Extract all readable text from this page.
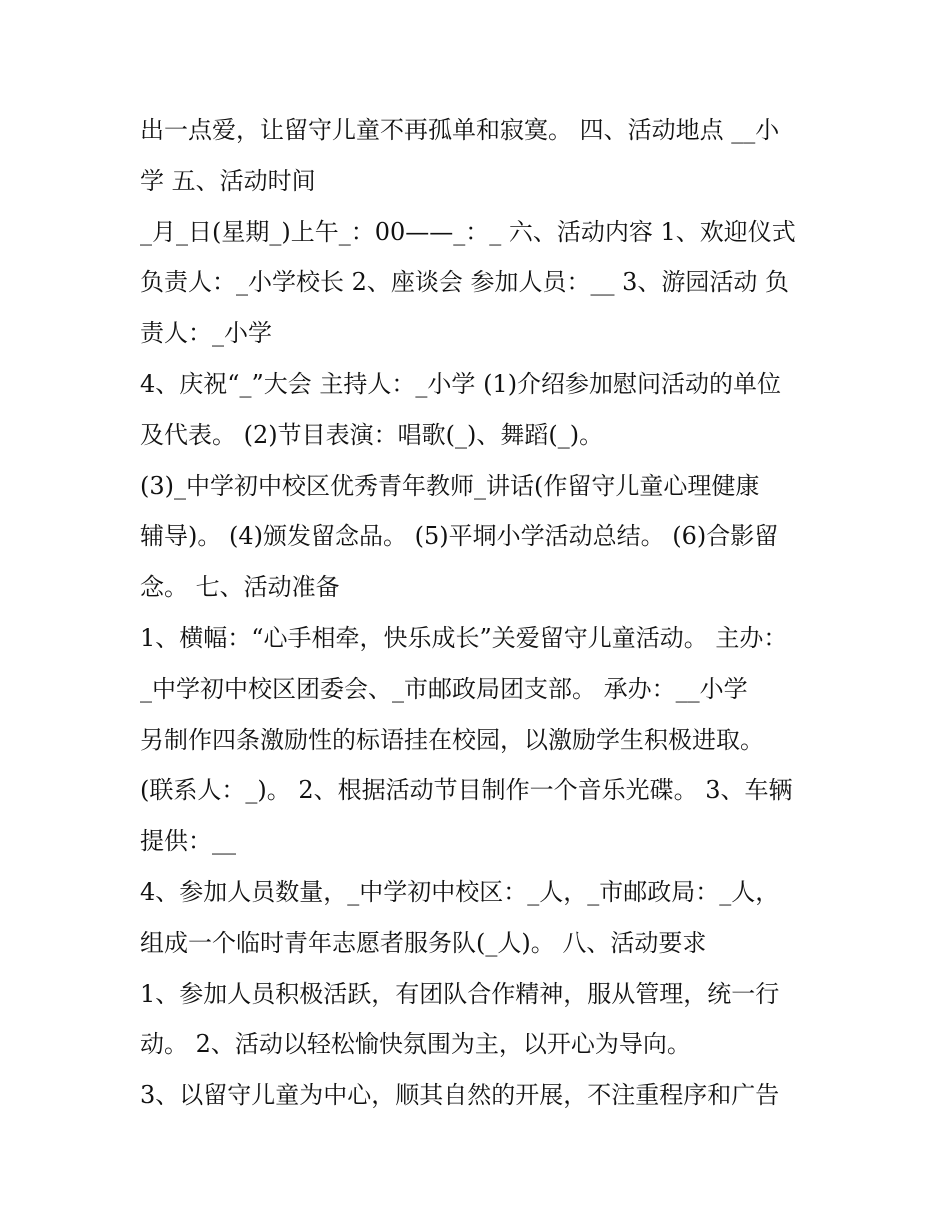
出一点爱，让留守儿童不再孤单和寂寞。 四、活动地点 __小
学 五、活动时间
_月_日(星期_)上午_：00——_：_ 六、活动内容 1、欢迎仪式
负责人：_小学校长 2、座谈会 参加人员：__ 3、游园活动 负
责人：_小学
4、庆祝“_”大会 主持人：_小学 (1)介绍参加慰问活动的单位
及代表。 (2)节目表演：唱歌(_)、舞蹈(_)。
(3)_中学初中校区优秀青年教师_讲话(作留守儿童心理健康
辅导)。 (4)颁发留念品。 (5)平垌小学活动总结。 (6)合影留
念。 七、活动准备
1、横幅：“心手相牵，快乐成长”关爱留守儿童活动。 主办：
_中学初中校区团委会、_市邮政局团支部。 承办：__小学
另制作四条激励性的标语挂在校园，以激励学生积极进取。
(联系人：_)。 2、根据活动节目制作一个音乐光碟。 3、车辆
提供：__
4、参加人员数量，_中学初中校区：_人，_市邮政局：_人，
组成一个临时青年志愿者服务队(_人)。 八、活动要求
1、参加人员积极活跃，有团队合作精神，服从管理，统一行
动。 2、活动以轻松愉快氛围为主，以开心为导向。
3、以留守儿童为中心，顺其自然的开展，不注重程序和广告
